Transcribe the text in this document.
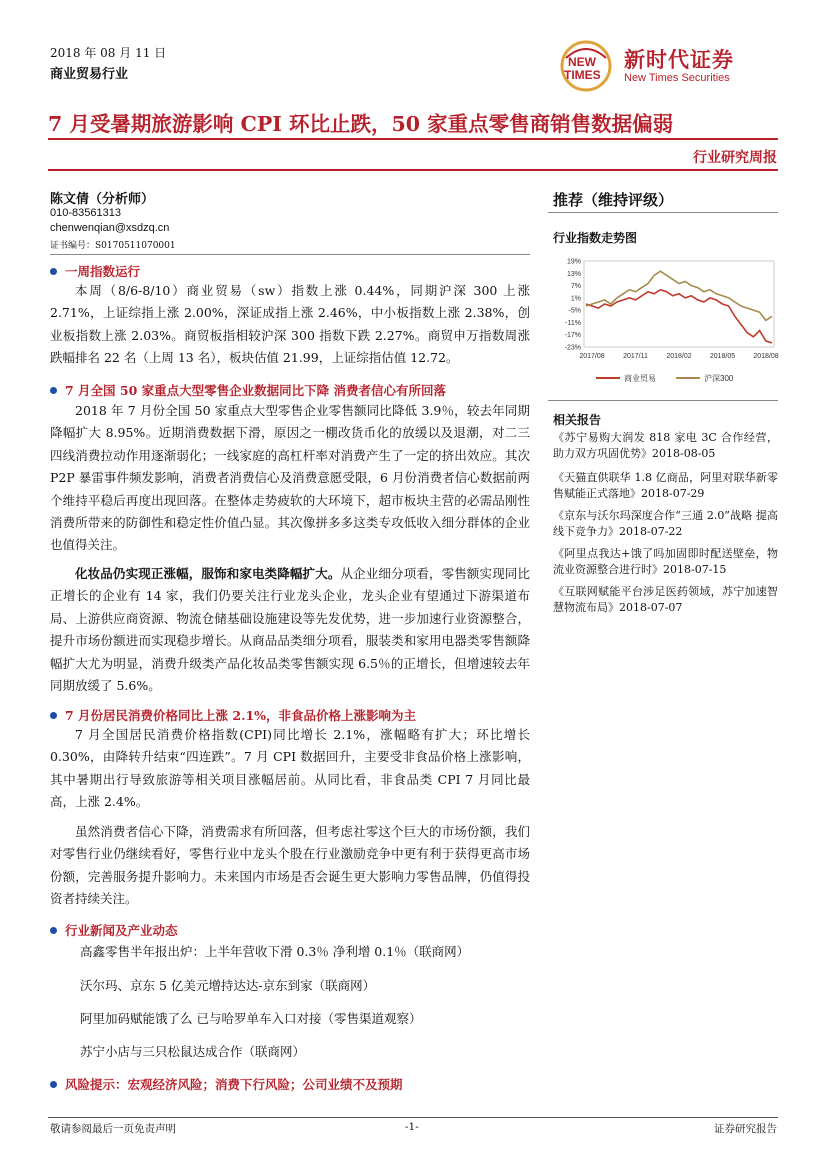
2018 年 08 月 11 日
商业贸易行业
NEW
TIMES
新时代证券
New Times Securities
7 月受暑期旅游影响 CPI 环比止跌，50 家重点零售商销售数据偏弱
行业研究周报
陈文倩（分析师）
010-83561313
chenwenqian@xsdzq.cn
证书编号：S0170511070001
推荐（维持评级）
行业指数走势图
19%
13%
7%
1%
-5%
-11%
-17%
-23%
2017/08	2017/11	2018/02	2018/05	2018/08
商业贸易	沪深300
相关报告
《苏宁易购大润发 818 家电 3C 合作经营，助力双方巩固优势》2018-08-05
《天猫直供联华 1.8 亿商品，阿里对联华新零售赋能正式落地》2018-07-29
《京东与沃尔玛深度合作“三通 2.0”战略 提高线下竞争力》2018-07-22
《阿里点我达+饿了吗加固即时配送壁垒，物流业资源整合进行时》2018-07-15
《互联网赋能平台涉足医药领域，苏宁加速智慧物流布局》2018-07-07
一周指数运行
本周（8/6-8/10）商业贸易（sw）指数上涨 0.44%，同期沪深 300 上涨 2.71%，上证综指上涨 2.00%，深证成指上涨 2.46%，中小板指数上涨 2.38%，创业板指数上涨 2.03%。商贸板指相较沪深 300 指数下跌 2.27%。商贸申万指数周涨跌幅排名 22 名（上周 13 名），板块估值 21.99，上证综指估值 12.72。
7 月全国 50 家重点大型零售企业数据同比下降 消费者信心有所回落
2018 年 7 月份全国 50 家重点大型零售企业零售额同比降低 3.9％，较去年同期降幅扩大 8.95%。近期消费数据下滑，原因之一棚改货币化的放缓以及退潮，对二三四线消费拉动作用逐渐弱化；一线家庭的高杠杆率对消费产生了一定的挤出效应。其次 P2P 暴雷事件频发影响，消费者消费信心及消费意愿受限，6 月份消费者信心数据前两个维持平稳后再度出现回落。在整体走势疲软的大环境下，超市板块主营的必需品刚性消费所带来的防御性和稳定性价值凸显。其次像拼多多这类专攻低收入细分群体的企业也值得关注。
化妆品仍实现正涨幅，服饰和家电类降幅扩大。从企业细分项看，零售额实现同比正增长的企业有 14 家，我们仍要关注行业龙头企业，龙头企业有望通过下游渠道布局、上游供应商资源、物流仓储基础设施建设等先发优势，进一步加速行业资源整合，提升市场份额进而实现稳步增长。从商品品类细分项看，服装类和家用电器类零售额降幅扩大尤为明显，消费升级类产品化妆品类零售额实现 6.5％的正增长，但增速较去年同期放缓了 5.6%。
7 月份居民消费价格同比上涨 2.1%，非食品价格上涨影响为主
7 月全国居民消费价格指数(CPI)同比增长 2.1%，涨幅略有扩大；环比增长 0.30%，由降转升结束“四连跌”。7 月 CPI 数据回升，主要受非食品价格上涨影响，其中暑期出行导致旅游等相关项目涨幅居前。从同比看，非食品类 CPI 7 月同比最高，上涨 2.4%。
虽然消费者信心下降，消费需求有所回落，但考虑社零这个巨大的市场份额，我们对零售行业仍继续看好，零售行业中龙头个股在行业激励竞争中更有利于获得更高市场份额，完善服务提升影响力。未来国内市场是否会诞生更大影响力零售品牌，仍值得投资者持续关注。
行业新闻及产业动态
高鑫零售半年报出炉：上半年营收下滑 0.3％ 净利增 0.1％（联商网）
沃尔玛、京东 5 亿美元增持达达-京东到家（联商网）
阿里加码赋能饿了么 已与哈罗单车入口对接（零售渠道观察）
苏宁小店与三只松鼠达成合作（联商网）
风险提示：宏观经济风险；消费下行风险；公司业绩不及预期
敬请参阅最后一页免责声明	-1-	证券研究报告
